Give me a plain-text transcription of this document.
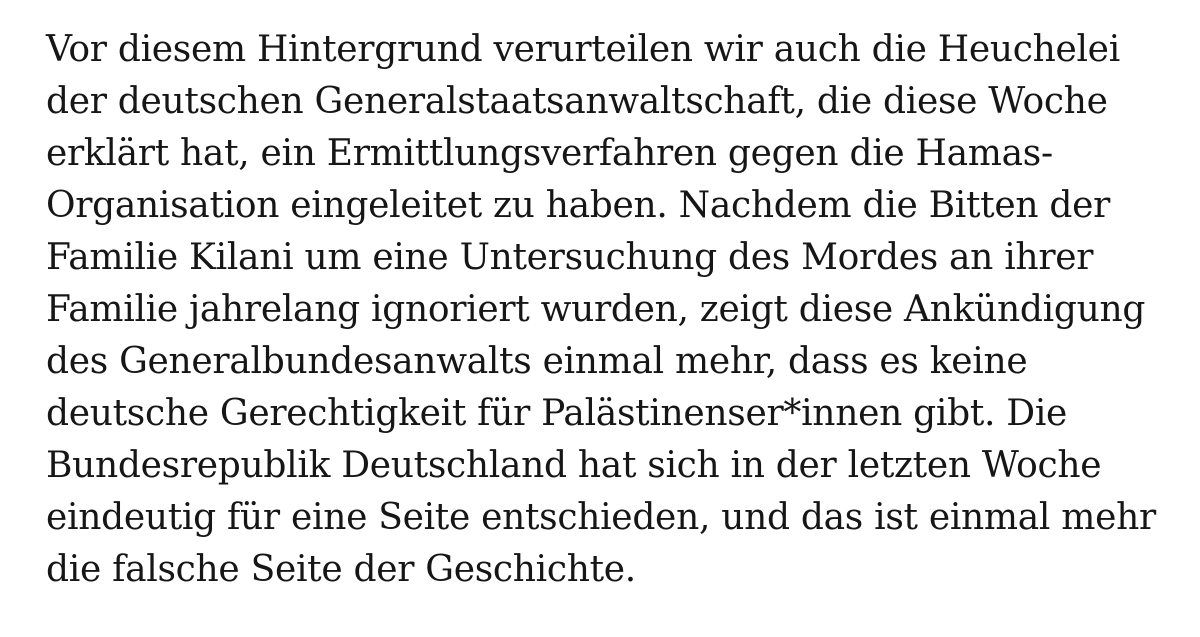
Vor diesem Hintergrund verurteilen wir auch die Heuchelei
der deutschen Generalstaatsanwaltschaft, die diese Woche
erklärt hat, ein Ermittlungsverfahren gegen die Hamas-
Organisation eingeleitet zu haben. Nachdem die Bitten der
Familie Kilani um eine Untersuchung des Mordes an ihrer
Familie jahrelang ignoriert wurden, zeigt diese Ankündigung
des Generalbundesanwalts einmal mehr, dass es keine
deutsche Gerechtigkeit für Palästinenser*innen gibt. Die
Bundesrepublik Deutschland hat sich in der letzten Woche
eindeutig für eine Seite entschieden, und das ist einmal mehr
die falsche Seite der Geschichte.
